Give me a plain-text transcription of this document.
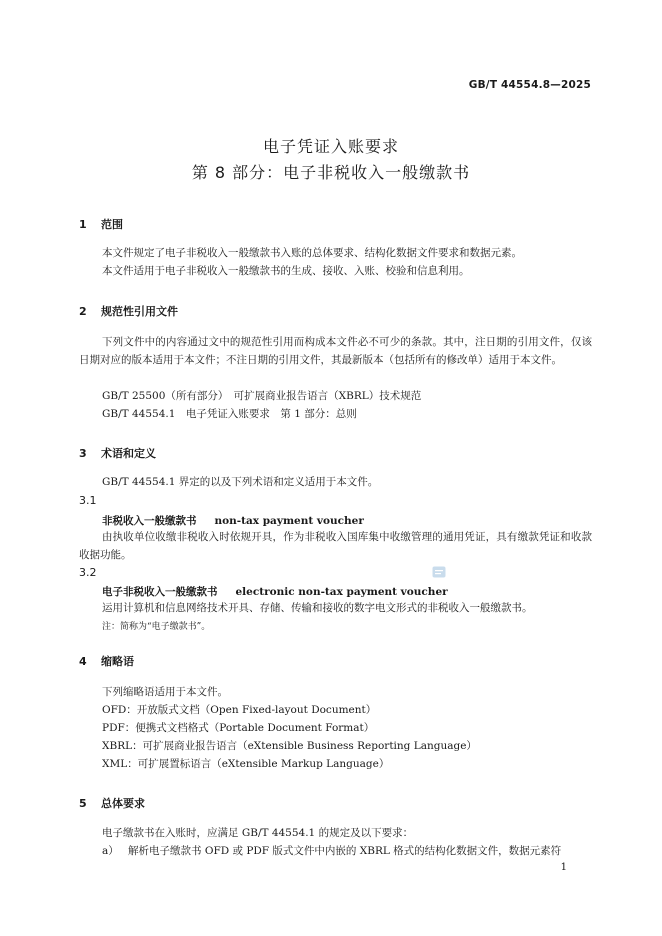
GB/T 44554.8—2025
电子凭证入账要求
第 8 部分：电子非税收入一般缴款书
1 范围

本文件规定了电子非税收入一般缴款书入账的总体要求、结构化数据文件要求和数据元素。

本文件适用于电子非税收入一般缴款书的生成、接收、入账、校验和信息利用。

2 规范性引用文件

下列文件中的内容通过文中的规范性引用而构成本文件必不可少的条款。其中，注日期的引用文件，仅该日期对应的版本适用于本文件；不注日期的引用文件，其最新版本（包括所有的修改单）适用于本文件。

GB/T 25500（所有部分）　可扩展商业报告语言（XBRL）技术规范
GB/T 44554.1　电子凭证入账要求　第 1 部分：总则
3 术语和定义
GB/T 44554.1 界定的以及下列术语和定义适用于本文件。
3.1
非税收入一般缴款书 non-tax payment voucher

由执收单位收缴非税收入时依规开具，作为非税收入国库集中收缴管理的通用凭证，具有缴款凭证和收款收据功能。

3.2
电子非税收入一般缴款书 electronic non-tax payment voucher
运用计算机和信息网络技术开具、存储、传输和接收的数字电文形式的非税收入一般缴款书。
注：简称为“电子缴款书”。
4 缩略语
下列缩略语适用于本文件。
OFD：开放版式文档（Open Fixed-layout Document）
PDF：便携式文档格式（Portable Document Format）
XBRL：可扩展商业报告语言（eXtensible Business Reporting Language）
XML：可扩展置标语言（eXtensible Markup Language）
5 总体要求
电子缴款书在入账时，应满足 GB/T 44554.1 的规定及以下要求：
a） 解析电子缴款书 OFD 或 PDF 版式文件中内嵌的 XBRL 格式的结构化数据文件，数据元素符
1
